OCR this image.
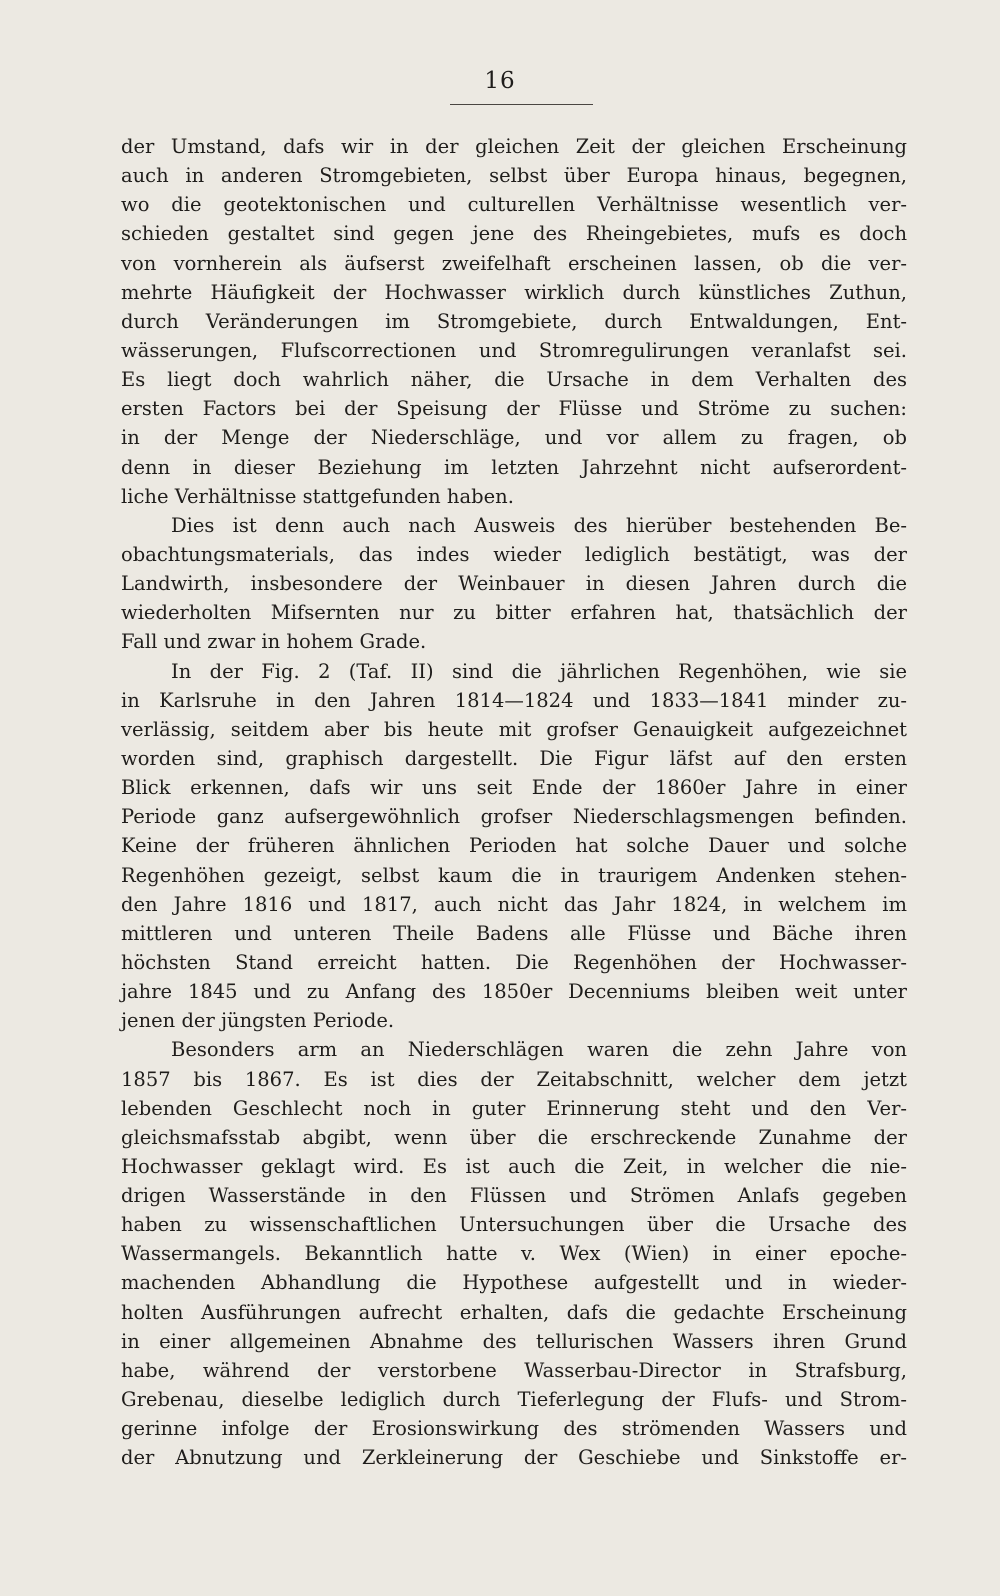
16
der Umstand, dafs wir in der gleichen Zeit der gleichen Erscheinung
auch in anderen Stromgebieten, selbst über Europa hinaus, begegnen,
wo die geotektonischen und culturellen Verhältnisse wesentlich ver-
schieden gestaltet sind gegen jene des Rheingebietes, mufs es doch
von vornherein als äufserst zweifelhaft erscheinen lassen, ob die ver-
mehrte Häufigkeit der Hochwasser wirklich durch künstliches Zuthun,
durch Veränderungen im Stromgebiete, durch Entwaldungen, Ent-
wässerungen, Flufscorrectionen und Stromregulirungen veranlafst sei.
Es liegt doch wahrlich näher, die Ursache in dem Verhalten des
ersten Factors bei der Speisung der Flüsse und Ströme zu suchen:
in der Menge der Niederschläge, und vor allem zu fragen, ob
denn in dieser Beziehung im letzten Jahrzehnt nicht aufserordent-
liche Verhältnisse stattgefunden haben.
Dies ist denn auch nach Ausweis des hierüber bestehenden Be-
obachtungsmaterials, das indes wieder lediglich bestätigt, was der
Landwirth, insbesondere der Weinbauer in diesen Jahren durch die
wiederholten Mifsernten nur zu bitter erfahren hat, thatsächlich der
Fall und zwar in hohem Grade.
In der Fig. 2 (Taf. II) sind die jährlichen Regenhöhen, wie sie
in Karlsruhe in den Jahren 1814—1824 und 1833—1841 minder zu-
verlässig, seitdem aber bis heute mit grofser Genauigkeit aufgezeichnet
worden sind, graphisch dargestellt. Die Figur läfst auf den ersten
Blick erkennen, dafs wir uns seit Ende der 1860er Jahre in einer
Periode ganz aufsergewöhnlich grofser Niederschlagsmengen befinden.
Keine der früheren ähnlichen Perioden hat solche Dauer und solche
Regenhöhen gezeigt, selbst kaum die in traurigem Andenken stehen-
den Jahre 1816 und 1817, auch nicht das Jahr 1824, in welchem im
mittleren und unteren Theile Badens alle Flüsse und Bäche ihren
höchsten Stand erreicht hatten. Die Regenhöhen der Hochwasser-
jahre 1845 und zu Anfang des 1850er Decenniums bleiben weit unter
jenen der jüngsten Periode.
Besonders arm an Niederschlägen waren die zehn Jahre von
1857 bis 1867. Es ist dies der Zeitabschnitt, welcher dem jetzt
lebenden Geschlecht noch in guter Erinnerung steht und den Ver-
gleichsmafsstab abgibt, wenn über die erschreckende Zunahme der
Hochwasser geklagt wird. Es ist auch die Zeit, in welcher die nie-
drigen Wasserstände in den Flüssen und Strömen Anlafs gegeben
haben zu wissenschaftlichen Untersuchungen über die Ursache des
Wassermangels. Bekanntlich hatte v. Wex (Wien) in einer epoche-
machenden Abhandlung die Hypothese aufgestellt und in wieder-
holten Ausführungen aufrecht erhalten, dafs die gedachte Erscheinung
in einer allgemeinen Abnahme des tellurischen Wassers ihren Grund
habe, während der verstorbene Wasserbau-Director in Strafsburg,
Grebenau, dieselbe lediglich durch Tieferlegung der Flufs- und Strom-
gerinne infolge der Erosionswirkung des strömenden Wassers und
der Abnutzung und Zerkleinerung der Geschiebe und Sinkstoffe er-
